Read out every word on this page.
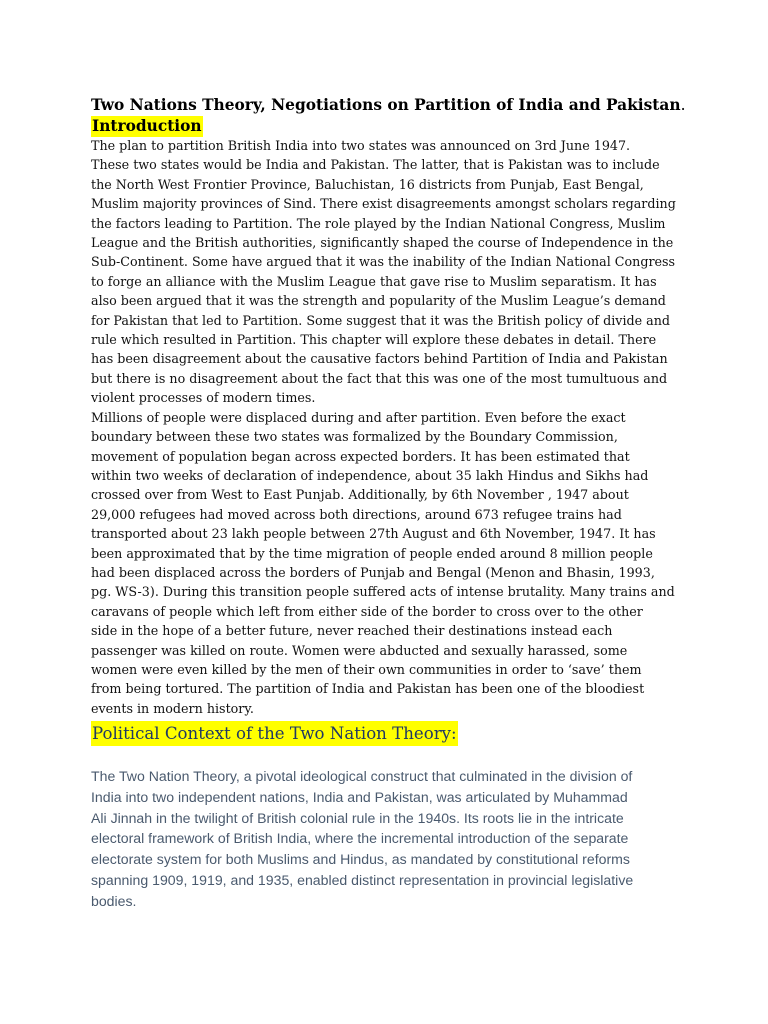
Two Nations Theory, Negotiations on Partition of India and Pakistan.
Introduction

The plan to partition British India into two states was announced on 3rd June 1947.
These two states would be India and Pakistan. The latter, that is Pakistan was to include
the North West Frontier Province, Baluchistan, 16 districts from Punjab, East Bengal,
Muslim majority provinces of Sind. There exist disagreements amongst scholars regarding
the factors leading to Partition. The role played by the Indian National Congress, Muslim
League and the British authorities, significantly shaped the course of Independence in the
Sub-Continent. Some have argued that it was the inability of the Indian National Congress
to forge an alliance with the Muslim League that gave rise to Muslim separatism. It has
also been argued that it was the strength and popularity of the Muslim League’s demand
for Pakistan that led to Partition. Some suggest that it was the British policy of divide and
rule which resulted in Partition. This chapter will explore these debates in detail. There
has been disagreement about the causative factors behind Partition of India and Pakistan
but there is no disagreement about the fact that this was one of the most tumultuous and
violent processes of modern times.

Millions of people were displaced during and after partition. Even before the exact
boundary between these two states was formalized by the Boundary Commission,
movement of population began across expected borders. It has been estimated that
within two weeks of declaration of independence, about 35 lakh Hindus and Sikhs had
crossed over from West to East Punjab. Additionally, by 6th November , 1947 about
29,000 refugees had moved across both directions, around 673 refugee trains had
transported about 23 lakh people between 27th August and 6th November, 1947. It has
been approximated that by the time migration of people ended around 8 million people
had been displaced across the borders of Punjab and Bengal (Menon and Bhasin, 1993,
pg. WS-3). During this transition people suffered acts of intense brutality. Many trains and
caravans of people which left from either side of the border to cross over to the other
side in the hope of a better future, never reached their destinations instead each
passenger was killed on route. Women were abducted and sexually harassed, some
women were even killed by the men of their own communities in order to ‘save’ them
from being tortured. The partition of India and Pakistan has been one of the bloodiest
events in modern history.

Political Context of the Two Nation Theory:
The Two Nation Theory, a pivotal ideological construct that culminated in the division of
India into two independent nations, India and Pakistan, was articulated by Muhammad
Ali Jinnah in the twilight of British colonial rule in the 1940s. Its roots lie in the intricate
electoral framework of British India, where the incremental introduction of the separate
electorate system for both Muslims and Hindus, as mandated by constitutional reforms
spanning 1909, 1919, and 1935, enabled distinct representation in provincial legislative
bodies.
